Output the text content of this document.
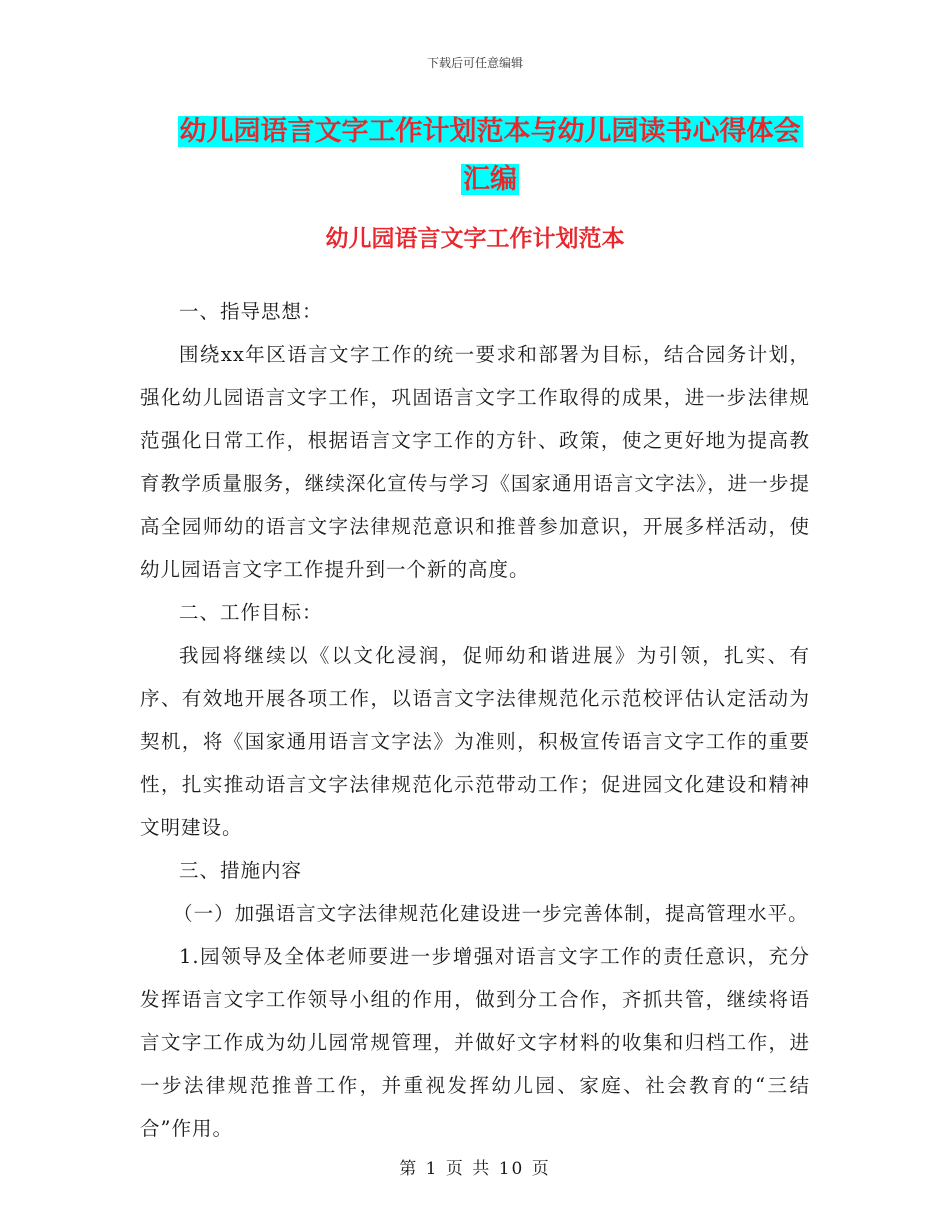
下载后可任意编辑
幼儿园语言文字工作计划范本与幼儿园读书心得体会
汇编
幼儿园语言文字工作计划范本

一、指导思想：

围绕xx年区语言文字工作的统一要求和部署为目标，结合园务计划，强化幼儿园语言文字工作，巩固语言文字工作取得的成果，进一步法律规范强化日常工作，根据语言文字工作的方针、政策，使之更好地为提高教育教学质量服务，继续深化宣传与学习《国家通用语言文字法》，进一步提高全园师幼的语言文字法律规范意识和推普参加意识，开展多样活动，使幼儿园语言文字工作提升到一个新的高度。

二、工作目标：

我园将继续以《以文化浸润，促师幼和谐进展》为引领，扎实、有序、有效地开展各项工作，以语言文字法律规范化示范校评估认定活动为契机，将《国家通用语言文字法》为准则，积极宣传语言文字工作的重要性，扎实推动语言文字法律规范化示范带动工作；促进园文化建设和精神文明建设。

三、措施内容

（一）加强语言文字法律规范化建设进一步完善体制，提高管理水平。

1.园领导及全体老师要进一步增强对语言文字工作的责任意识，充分发挥语言文字工作领导小组的作用，做到分工合作，齐抓共管，继续将语言文字工作成为幼儿园常规管理，并做好文字材料的收集和归档工作，进一步法律规范推普工作，并重视发挥幼儿园、家庭、社会教育的“三结合”作用。

第 1 页 共 10 页
